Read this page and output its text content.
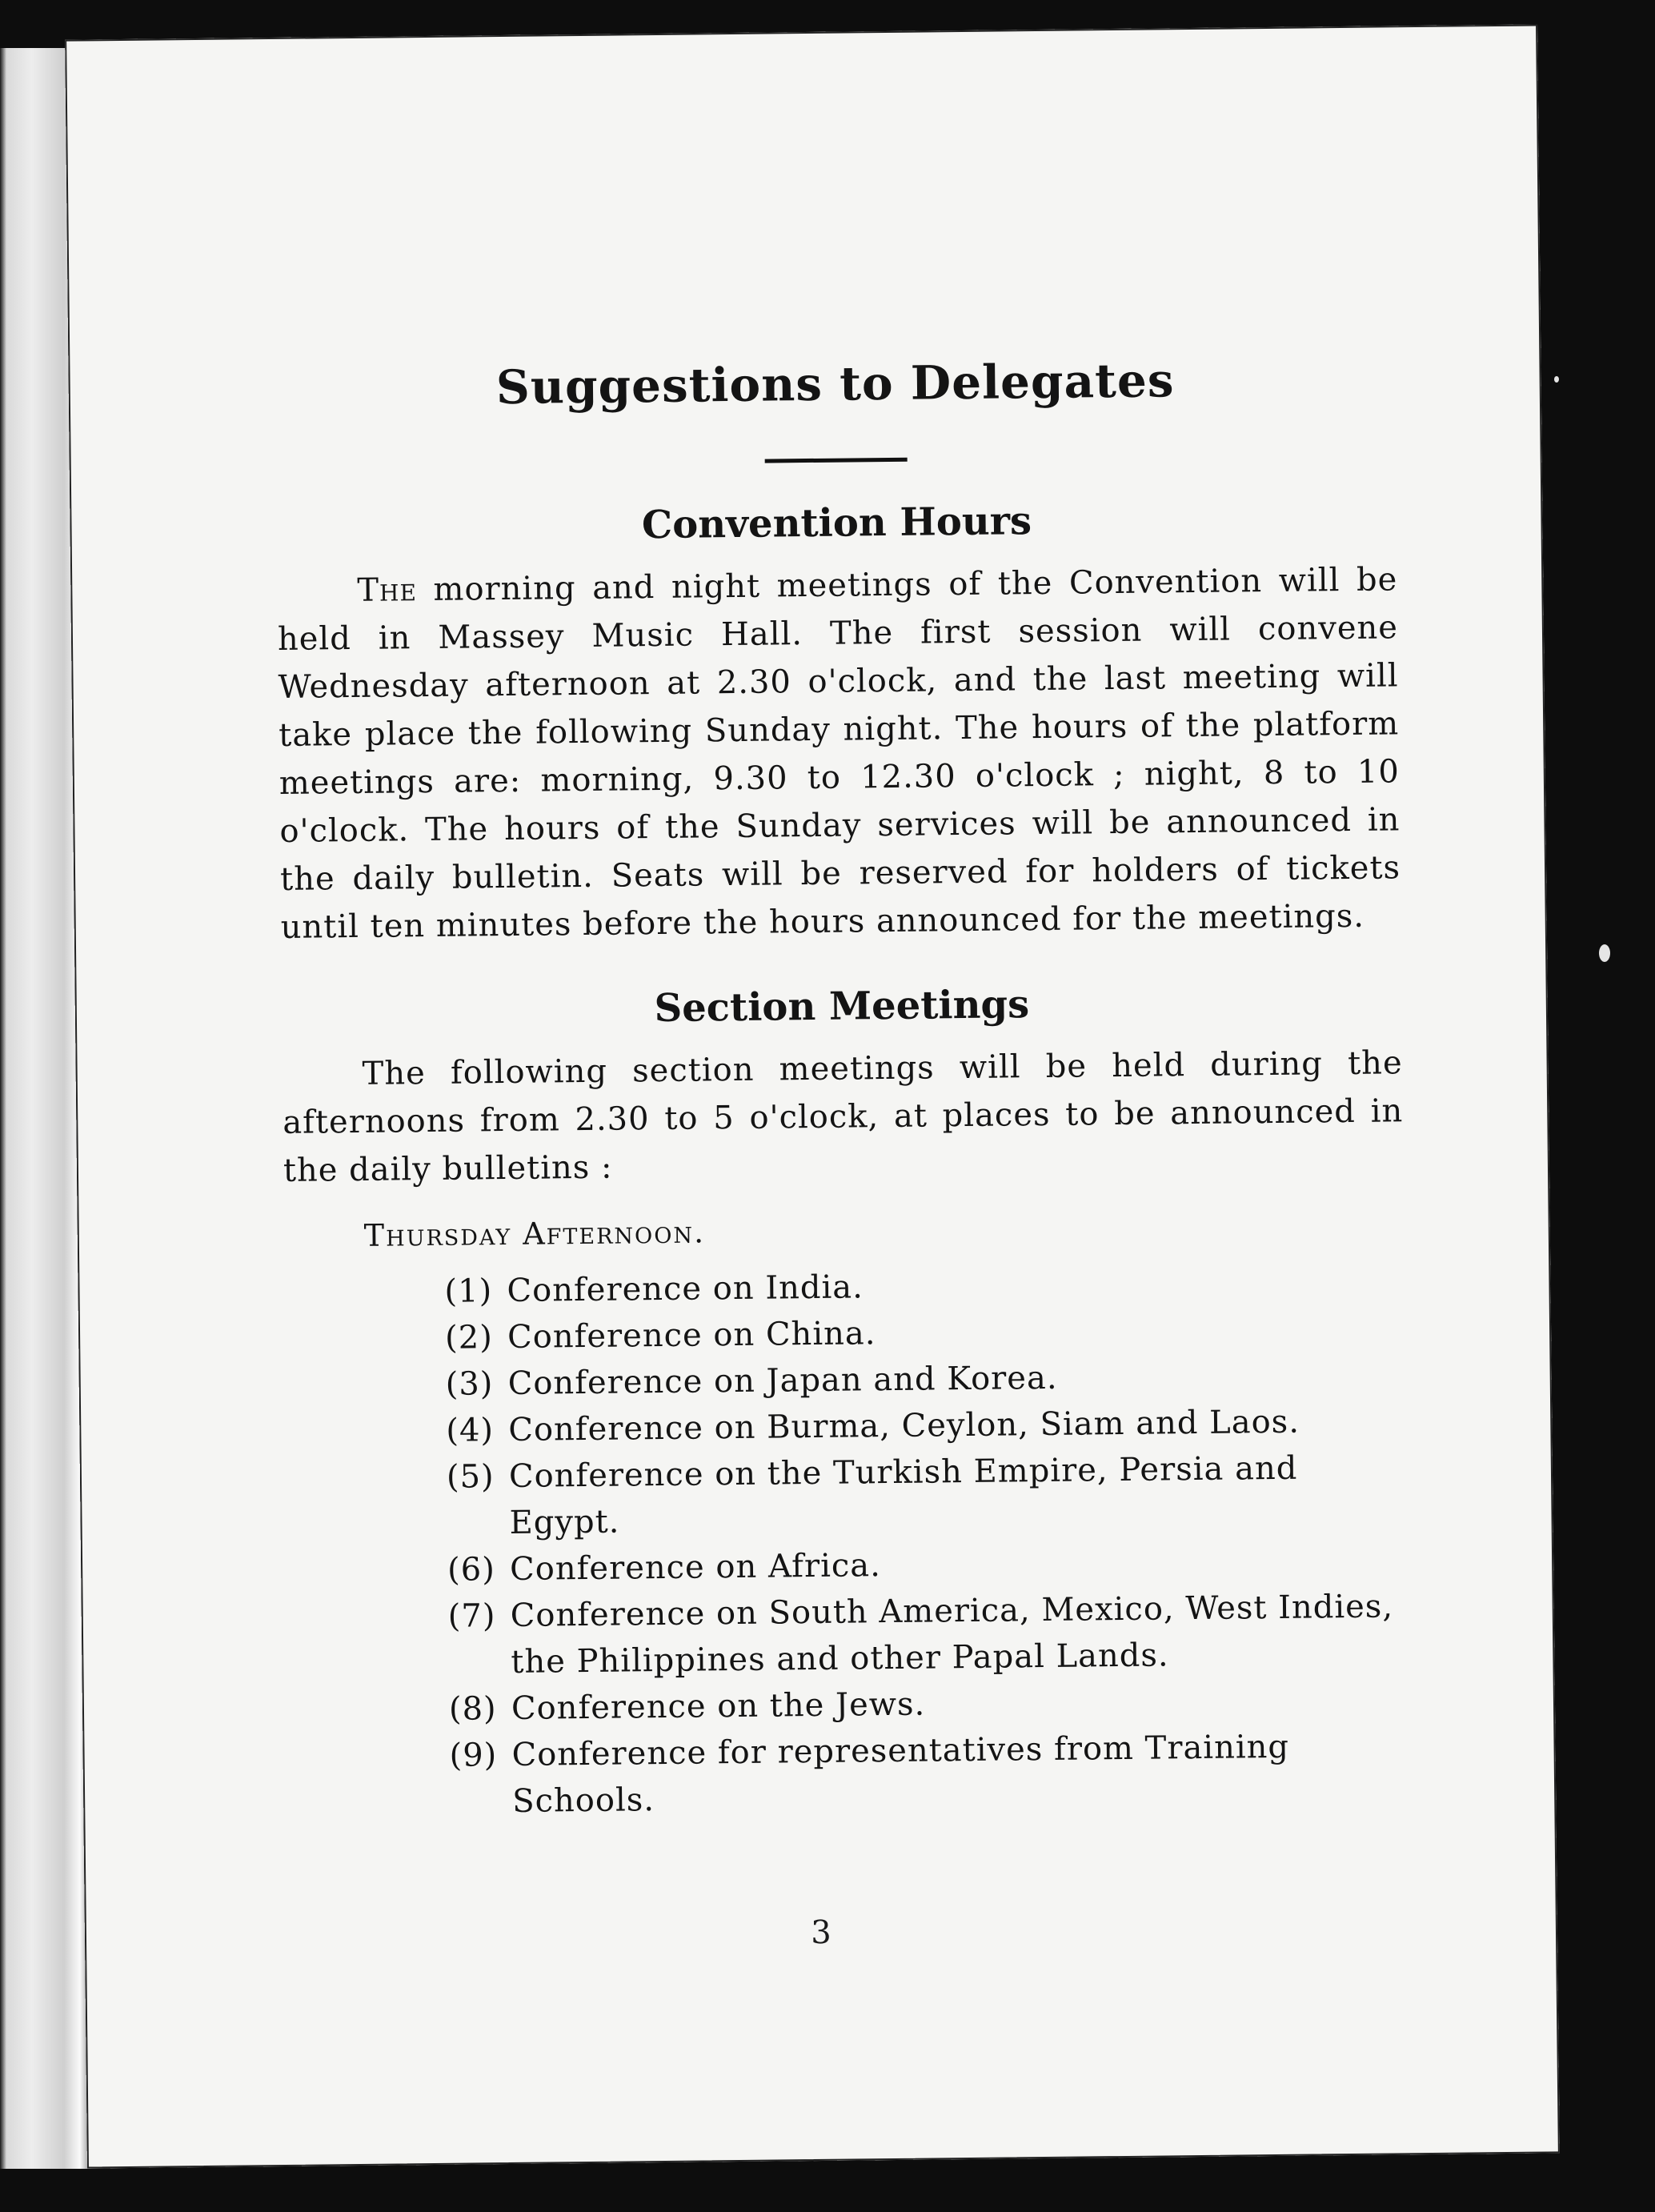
Suggestions to Delegates
Convention Hours

The morning and night meetings of the Convention will be held in Massey Music Hall. The first session will convene Wednesday afternoon at 2.30 o'clock, and the last meeting will take place the following Sunday night. The hours of the platform meetings are: morning, 9.30 to 12.30 o'clock ; night, 8 to 10 o'clock. The hours of the Sunday services will be announced in the daily bulletin. Seats will be reserved for holders of tickets until ten minutes before the hours announced for the meetings.

Section Meetings

The following section meetings will be held during the afternoons from 2.30 to 5 o'clock, at places to be announced in the daily bulletins :

Thursday Afternoon.
(1) Conference on India.
(2) Conference on China.
(3) Conference on Japan and Korea.
(4) Conference on Burma, Ceylon, Siam and Laos.
(5) Conference on the Turkish Empire, Persia and Egypt.
(6) Conference on Africa.
(7) Conference on South America, Mexico, West Indies, the Philippines and other Papal Lands.
(8) Conference on the Jews.
(9) Conference for representatives from Training Schools.
3
